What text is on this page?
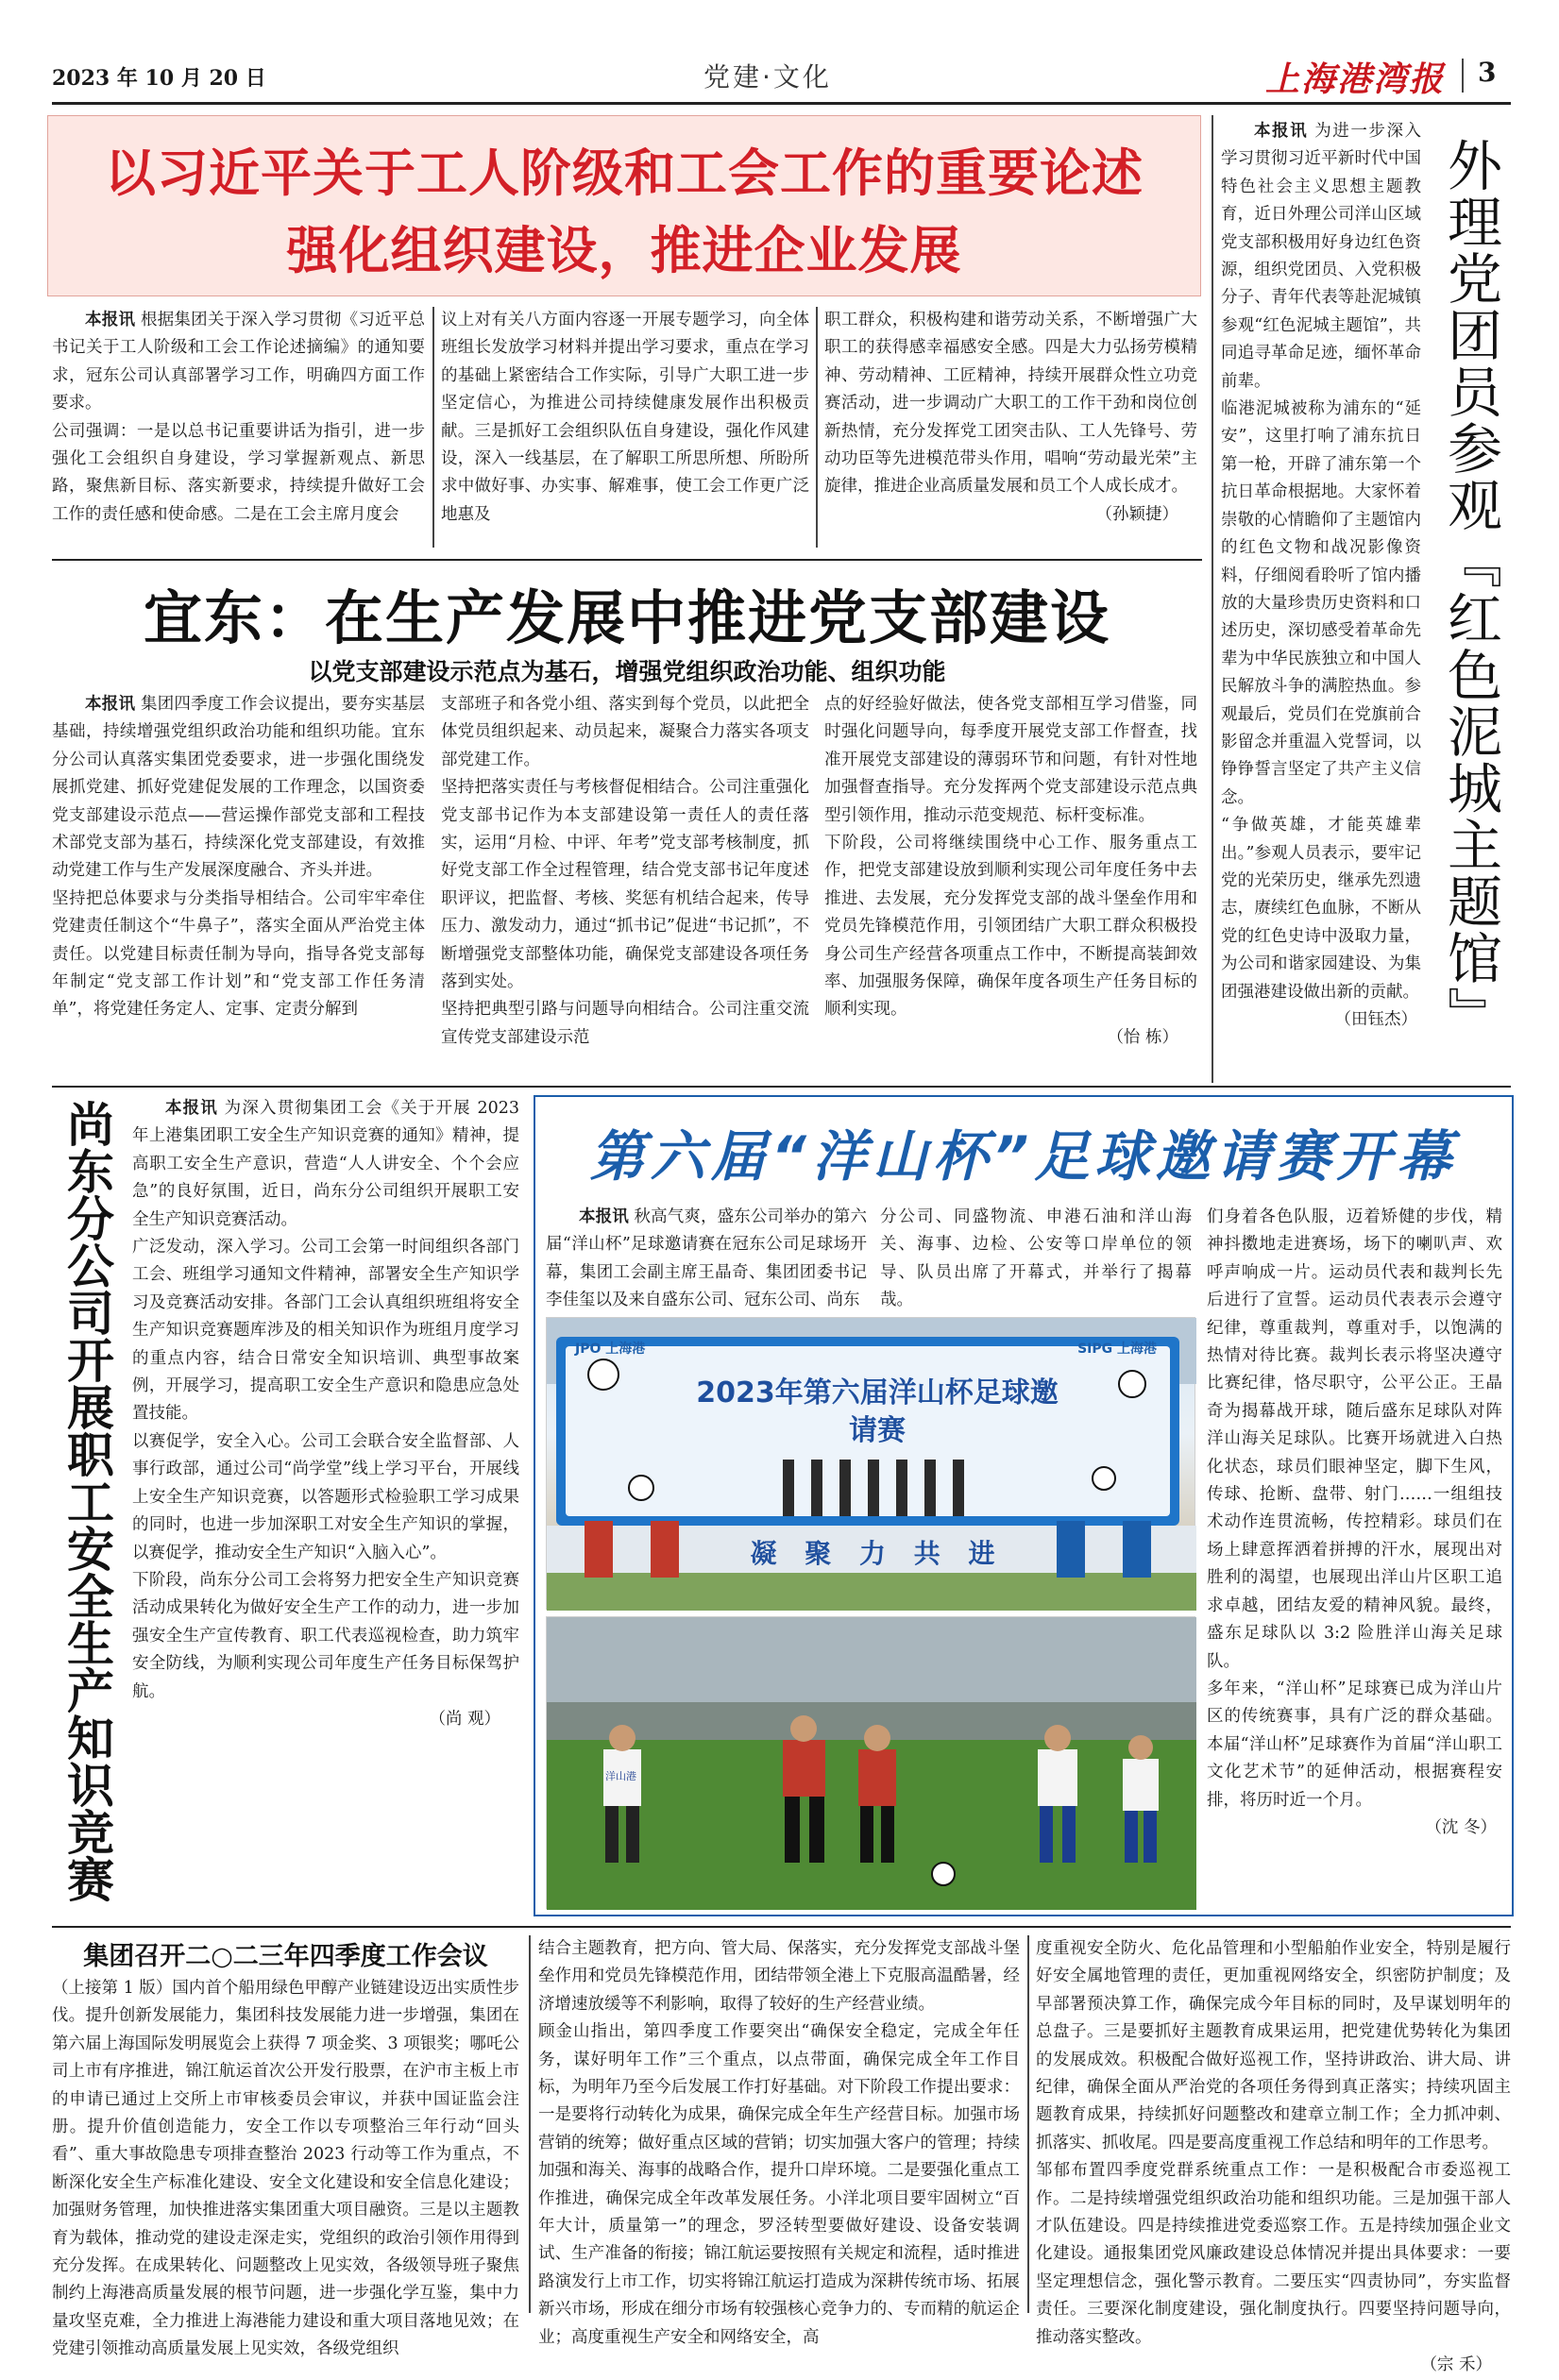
2023 年 10 月 20 日	党建·文化	上海港湾报 3
以习近平关于工人阶级和工会工作的重要论述
强化组织建设，推进企业发展

本报讯 根据集团关于深入学习贯彻《习近平总书记关于工人阶级和工会工作论述摘编》的通知要求，冠东公司认真部署学习工作，明确四方面工作要求。
公司强调：一是以总书记重要讲话为指引，进一步强化工会组织自身建设，学习掌握新观点、新思路，聚焦新目标、落实新要求，持续提升做好工会工作的责任感和使命感。二是在工会主席月度会

议上对有关八方面内容逐一开展专题学习，向全体班组长发放学习材料并提出学习要求，重点在学习的基础上紧密结合工作实际，引导广大职工进一步坚定信心，为推进公司持续健康发展作出积极贡献。三是抓好工会组织队伍自身建设，强化作风建设，深入一线基层，在了解职工所思所想、所盼所求中做好事、办实事、解难事，使工会工作更广泛地惠及
职工群众，积极构建和谐劳动关系，不断增强广大职工的获得感幸福感安全感。四是大力弘扬劳模精神、劳动精神、工匠精神，持续开展群众性立功竞赛活动，进一步调动广大职工的工作干劲和岗位创新热情，充分发挥党工团突击队、工人先锋号、劳动功臣等先进模范带头作用，唱响“劳动最光荣”主旋律，推进企业高质量发展和员工个人成长成才。
（孙颖捷）
宜东：在生产发展中推进党支部建设
以党支部建设示范点为基石，增强党组织政治功能、组织功能

本报讯 集团四季度工作会议提出，要夯实基层基础，持续增强党组织政治功能和组织功能。宜东分公司认真落实集团党委要求，进一步强化围绕发展抓党建、抓好党建促发展的工作理念，以国资委党支部建设示范点——营运操作部党支部和工程技术部党支部为基石，持续深化党支部建设，有效推动党建工作与生产发展深度融合、齐头并进。
坚持把总体要求与分类指导相结合。公司牢牢牵住党建责任制这个“牛鼻子”，落实全面从严治党主体责任。以党建目标责任制为导向，指导各党支部每年制定“党支部工作计划”和“党支部工作任务清单”，将党建任务定人、定事、定责分解到

支部班子和各党小组、落实到每个党员，以此把全体党员组织起来、动员起来，凝聚合力落实各项支部党建工作。
坚持把落实责任与考核督促相结合。公司注重强化党支部书记作为本支部建设第一责任人的责任落实，运用“月检、中评、年考”党支部考核制度，抓好党支部工作全过程管理，结合党支部书记年度述职评议，把监督、考核、奖惩有机结合起来，传导压力、激发动力，通过“抓书记”促进“书记抓”，不断增强党支部整体功能，确保党支部建设各项任务落到实处。
坚持把典型引路与问题导向相结合。公司注重交流宣传党支部建设示范
点的好经验好做法，使各党支部相互学习借鉴，同时强化问题导向，每季度开展党支部工作督查，找准开展党支部建设的薄弱环节和问题，有针对性地加强督查指导。充分发挥两个党支部建设示范点典型引领作用，推动示范变规范、标杆变标准。
下阶段，公司将继续围绕中心工作、服务重点工作，把党支部建设放到顺利实现公司年度任务中去推进、去发展，充分发挥党支部的战斗堡垒作用和党员先锋模范作用，引领团结广大职工群众积极投身公司生产经营各项重点工作中，不断提高装卸效率、加强服务保障，确保年度各项生产任务目标的顺利实现。
（怡 栋）

本报讯 为进一步深入学习贯彻习近平新时代中国特色社会主义思想主题教育，近日外理公司洋山区域党支部积极用好身边红色资源，组织党团员、入党积极分子、青年代表等赴泥城镇参观“红色泥城主题馆”，共同追寻革命足迹，缅怀革命前辈。
临港泥城被称为浦东的“延安”，这里打响了浦东抗日第一枪，开辟了浦东第一个抗日革命根据地。大家怀着崇敬的心情瞻仰了主题馆内的红色文物和战况影像资料，仔细阅看聆听了馆内播放的大量珍贵历史资料和口述历史，深切感受着革命先辈为中华民族独立和中国人民解放斗争的满腔热血。参观最后，党员们在党旗前合影留念并重温入党誓词，以铮铮誓言坚定了共产主义信念。
“争做英雄，才能英雄辈出。”参观人员表示，要牢记党的光荣历史，继承先烈遗志，赓续红色血脉，不断从党的红色史诗中汲取力量，为公司和谐家园建设、为集团强港建设做出新的贡献。

（田钰杰） 外理党团员参观『红色泥城主题馆』
尚东分公司开展职工安全生产知识竞赛	本报讯 为深入贯彻集团工会《关于开展 2023 年上港集团职工安全生产知识竞赛的通知》精神，提高职工安全生产意识，营造“人人讲安全、个个会应急”的良好氛围，近日，尚东分公司组织开展职工安全生产知识竞赛活动。
广泛发动，深入学习。公司工会第一时间组织各部门工会、班组学习通知文件精神，部署安全生产知识学习及竞赛活动安排。各部门工会认真组织班组将安全生产知识竞赛题库涉及的相关知识作为班组月度学习的重点内容，结合日常安全知识培训、典型事故案例，开展学习，提高职工安全生产意识和隐患应急处置技能。
以赛促学，安全入心。公司工会联合安全监督部、人事行政部，通过公司“尚学堂”线上学习平台，开展线上安全生产知识竞赛，以答题形式检验职工学习成果的同时，也进一步加深职工对安全生产知识的掌握，以赛促学，推动安全生产知识“入脑入心”。
下阶段，尚东分公司工会将努力把安全生产知识竞赛活动成果转化为做好安全生产工作的动力，进一步加强安全生产宣传教育、职工代表巡视检查，助力筑牢安全防线，为顺利实现公司年度生产任务目标保驾护航。

（尚 观）
第六届“洋山杯”足球邀请赛开幕

本报讯 秋高气爽，盛东公司举办的第六届“洋山杯”足球邀请赛在冠东公司足球场开幕，集团工会副主席王晶奇、集团团委书记李佳玺以及来自盛东公司、冠东公司、尚东

分公司、同盛物流、申港石油和洋山海关、海事、边检、公安等口岸单位的领导、队员出席了开幕式，并举行了揭幕哉。

们身着各色队服，迈着矫健的步伐，精神抖擞地走进赛场，场下的喇叭声、欢呼声响成一片。运动员代表和裁判长先后进行了宣誓。运动员代表表示会遵守纪律，尊重裁判，尊重对手，以饱满的热情对待比赛。裁判长表示将坚决遵守比赛纪律，恪尽职守，公平公正。王晶奇为揭幕战开球，随后盛东足球队对阵洋山海关足球队。比赛开场就进入白热化状态，球员们眼神坚定，脚下生风，传球、抢断、盘带、射门……一组组技术动作连贯流畅，传控精彩。球员们在场上肆意挥洒着拼搏的汗水，展现出对胜利的渴望，也展现出洋山片区职工追求卓越，团结友爱的精神风貌。最终，盛东足球队以 3:2 险胜洋山海关足球队。
多年来，“洋山杯”足球赛已成为洋山片区的传统赛事，具有广泛的群众基础。本届“洋山杯”足球赛作为首届“洋山职工文化艺术节”的延伸活动，根据赛程安排，将历时近一个月。
（沈 冬）
JPO 上海港	SIPG 上海港
2023年第六届洋山杯足球邀请赛
凝 聚 力 共 进
洋山港
集团召开二○二三年四季度工作会议
（上接第 1 版）国内首个船用绿色甲醇产业链建设迈出实质性步伐。提升创新发展能力，集团科技发展能力进一步增强，集团在第六届上海国际发明展览会上获得 7 项金奖、3 项银奖；哪吒公司上市有序推进，锦江航运首次公开发行股票，在沪市主板上市的申请已通过上交所上市审核委员会审议，并获中国证监会注册。提升价值创造能力，安全工作以专项整治三年行动“回头看”、重大事故隐患专项排查整治 2023 行动等工作为重点，不断深化安全生产标准化建设、安全文化建设和安全信息化建设；加强财务管理，加快推进落实集团重大项目融资。三是以主题教育为载体，推动党的建设走深走实，党组织的政治引领作用得到充分发挥。在成果转化、问题整改上见实效，各级领导班子聚焦制约上海港高质量发展的根节问题，进一步强化学互鉴，集中力量攻坚克难，全力推进上海港能力建设和重大项目落地见效；在党建引领推动高质量发展上见实效，各级党组织
结合主题教育，把方向、管大局、保落实，充分发挥党支部战斗堡垒作用和党员先锋模范作用，团结带领全港上下克服高温酷暑，经济增速放缓等不利影响，取得了较好的生产经营业绩。
顾金山指出，第四季度工作要突出“确保安全稳定，完成全年任务，谋好明年工作”三个重点，以点带面，确保完成全年工作目标，为明年乃至今后发展工作打好基础。对下阶段工作提出要求：一是要将行动转化为成果，确保完成全年生产经营目标。加强市场营销的统筹；做好重点区域的营销；切实加强大客户的管理；持续加强和海关、海事的战略合作，提升口岸环境。二是要强化重点工作推进，确保完成全年改革发展任务。小洋北项目要牢固树立“百年大计，质量第一”的理念，罗泾转型要做好建设、设备安装调试、生产准备的衔接；锦江航运要按照有关规定和流程，适时推进路演发行上市工作，切实将锦江航运打造成为深耕传统市场、拓展新兴市场，形成在细分市场有较强核心竞争力的、专而精的航运企业；高度重视生产安全和网络安全，高
度重视安全防火、危化品管理和小型船舶作业安全，特别是履行好安全属地管理的责任，更加重视网络安全，织密防护制度；及早部署预决算工作，确保完成今年目标的同时，及早谋划明年的总盘子。三是要抓好主题教育成果运用，把党建优势转化为集团的发展成效。积极配合做好巡视工作，坚持讲政治、讲大局、讲纪律，确保全面从严治党的各项任务得到真正落实；持续巩固主题教育成果，持续抓好问题整改和建章立制工作；全力抓冲刺、抓落实、抓收尾。四是要高度重视工作总结和明年的工作思考。
邹郁布置四季度党群系统重点工作：一是积极配合市委巡视工作。二是持续增强党组织政治功能和组织功能。三是加强干部人才队伍建设。四是持续推进党委巡察工作。五是持续加强企业文化建设。通报集团党风廉政建设总体情况并提出具体要求：一要坚定理想信念，强化警示教育。二要压实“四责协同”，夯实监督责任。三要深化制度建设，强化制度执行。四要坚持问题导向，推动落实整改。
（宗 禾）
